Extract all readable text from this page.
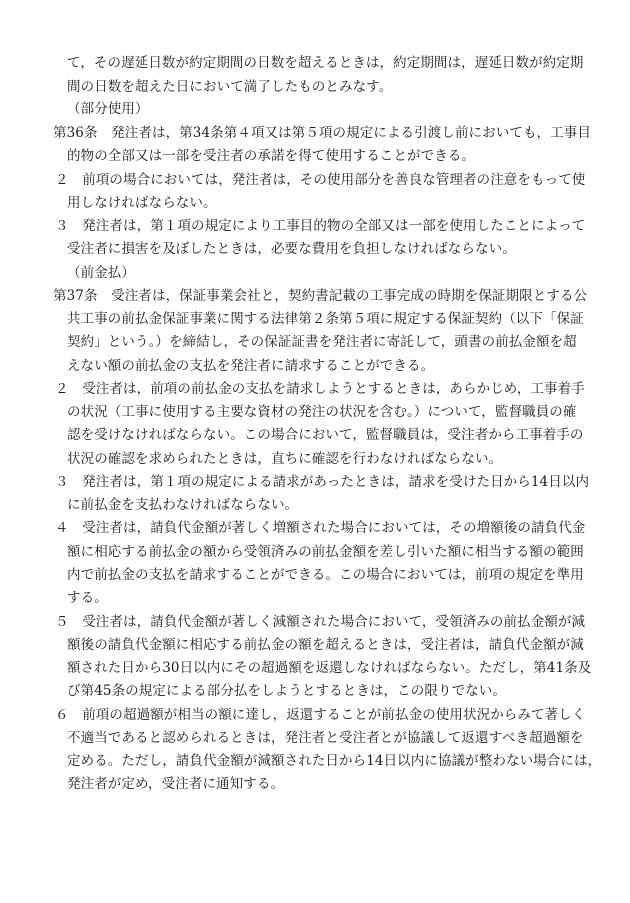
て，その遅延日数が約定期間の日数を超えるときは，約定期間は，遅延日数が約定期
間の日数を超えた日において満了したものとみなす。
（部分使用）
第36条　発注者は，第34条第４項又は第５項の規定による引渡し前においても，工事目
的物の全部又は一部を受注者の承諾を得て使用することができる。
２　前項の場合においては，発注者は，その使用部分を善良な管理者の注意をもって使
用しなければならない。
３　発注者は，第１項の規定により工事目的物の全部又は一部を使用したことによって
受注者に損害を及ぼしたときは，必要な費用を負担しなければならない。
（前金払）
第37条　受注者は，保証事業会社と，契約書記載の工事完成の時期を保証期限とする公
共工事の前払金保証事業に関する法律第２条第５項に規定する保証契約（以下「保証
契約」という。）を締結し，その保証証書を発注者に寄託して，頭書の前払金額を超
えない額の前払金の支払を発注者に請求することができる。
２　受注者は，前項の前払金の支払を請求しようとするときは，あらかじめ，工事着手
の状況（工事に使用する主要な資材の発注の状況を含む。）について，監督職員の確
認を受けなければならない。この場合において，監督職員は，受注者から工事着手の
状況の確認を求められたときは，直ちに確認を行わなければならない。
３　発注者は，第１項の規定による請求があったときは，請求を受けた日から14日以内
に前払金を支払わなければならない。
４　受注者は，請負代金額が著しく増額された場合においては，その増額後の請負代金
額に相応する前払金の額から受領済みの前払金額を差し引いた額に相当する額の範囲
内で前払金の支払を請求することができる。この場合においては，前項の規定を準用
する。
５　受注者は，請負代金額が著しく減額された場合において，受領済みの前払金額が減
額後の請負代金額に相応する前払金の額を超えるときは，受注者は，請負代金額が減
額された日から30日以内にその超過額を返還しなければならない。ただし，第41条及
び第45条の規定による部分払をしようとするときは，この限りでない。
６　前項の超過額が相当の額に達し，返還することが前払金の使用状況からみて著しく
不適当であると認められるときは，発注者と受注者とが協議して返還すべき超過額を
定める。ただし，請負代金額が減額された日から14日以内に協議が整わない場合には，
発注者が定め，受注者に通知する。
